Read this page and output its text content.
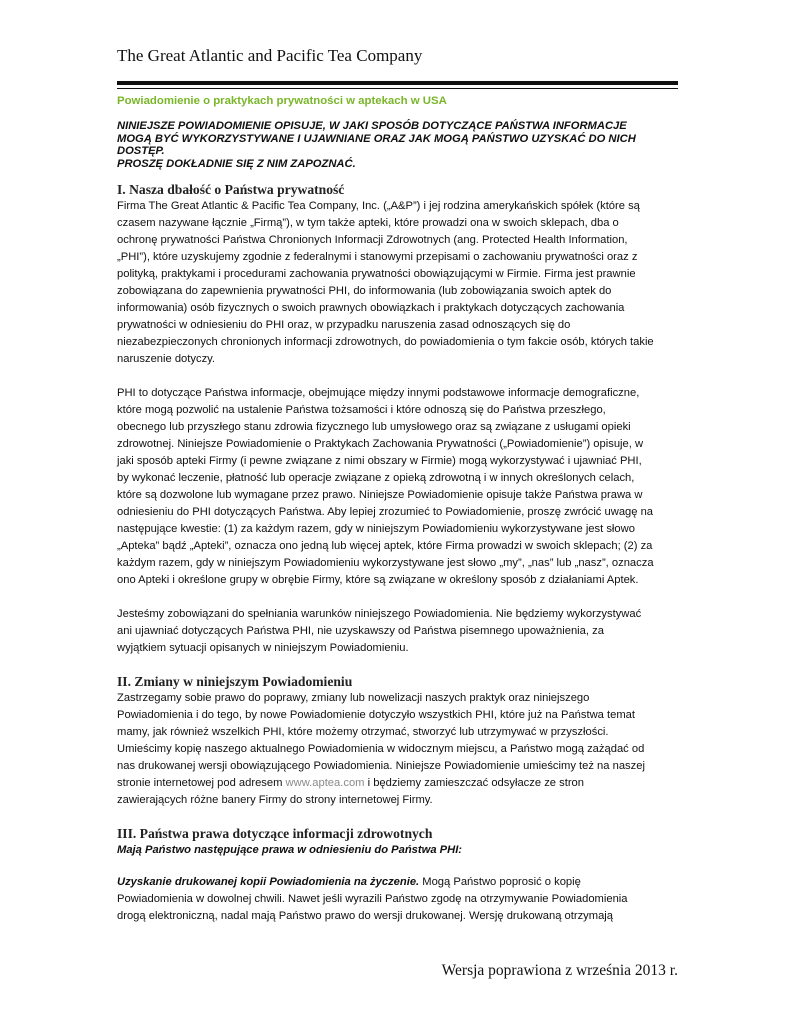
The Great Atlantic and Pacific Tea Company

Powiadomienie o praktykach prywatności w aptekach w USA

NINIEJSZE POWIADOMIENIE OPISUJE, W JAKI SPOSÓB DOTYCZĄCE PAŃSTWA INFORMACJE
MOGĄ BYĆ WYKORZYSTYWANE I UJAWNIANE ORAZ JAK MOGĄ PAŃSTWO UZYSKAĆ DO NICH
DOSTĘP.
PROSZĘ DOKŁADNIE SIĘ Z NIM ZAPOZNAĆ.

I. Nasza dbałość o Państwa prywatność

Firma The Great Atlantic & Pacific Tea Company, Inc. („A&P”) i jej rodzina amerykańskich spółek (które są
czasem nazywane łącznie „Firmą”), w tym także apteki, które prowadzi ona w swoich sklepach, dba o
ochronę prywatności Państwa Chronionych Informacji Zdrowotnych (ang. Protected Health Information,
„PHI”), które uzyskujemy zgodnie z federalnymi i stanowymi przepisami o zachowaniu prywatności oraz z
polityką, praktykami i procedurami zachowania prywatności obowiązującymi w Firmie. Firma jest prawnie
zobowiązana do zapewnienia prywatności PHI, do informowania (lub zobowiązania swoich aptek do
informowania) osób fizycznych o swoich prawnych obowiązkach i praktykach dotyczących zachowania
prywatności w odniesieniu do PHI oraz, w przypadku naruszenia zasad odnoszących się do
niezabezpieczonych chronionych informacji zdrowotnych, do powiadomienia o tym fakcie osób, których takie
naruszenie dotyczy.

PHI to dotyczące Państwa informacje, obejmujące między innymi podstawowe informacje demograficzne,
które mogą pozwolić na ustalenie Państwa tożsamości i które odnoszą się do Państwa przeszłego,
obecnego lub przyszłego stanu zdrowia fizycznego lub umysłowego oraz są związane z usługami opieki
zdrowotnej. Niniejsze Powiadomienie o Praktykach Zachowania Prywatności („Powiadomienie”) opisuje, w
jaki sposób apteki Firmy (i pewne związane z nimi obszary w Firmie) mogą wykorzystywać i ujawniać PHI,
by wykonać leczenie, płatność lub operacje związane z opieką zdrowotną i w innych określonych celach,
które są dozwolone lub wymagane przez prawo. Niniejsze Powiadomienie opisuje także Państwa prawa w
odniesieniu do PHI dotyczących Państwa. Aby lepiej zrozumieć to Powiadomienie, proszę zwrócić uwagę na
następujące kwestie: (1) za każdym razem, gdy w niniejszym Powiadomieniu wykorzystywane jest słowo
„Apteka” bądź „Apteki”, oznacza ono jedną lub więcej aptek, które Firma prowadzi w swoich sklepach; (2) za
każdym razem, gdy w niniejszym Powiadomieniu wykorzystywane jest słowo „my”, „nas” lub „nasz”, oznacza
ono Apteki i określone grupy w obrębie Firmy, które są związane w określony sposób z działaniami Aptek.

Jesteśmy zobowiązani do spełniania warunków niniejszego Powiadomienia. Nie będziemy wykorzystywać
ani ujawniać dotyczących Państwa PHI, nie uzyskawszy od Państwa pisemnego upoważnienia, za
wyjątkiem sytuacji opisanych w niniejszym Powiadomieniu.

II. Zmiany w niniejszym Powiadomieniu

Zastrzegamy sobie prawo do poprawy, zmiany lub nowelizacji naszych praktyk oraz niniejszego
Powiadomienia i do tego, by nowe Powiadomienie dotyczyło wszystkich PHI, które już na Państwa temat
mamy, jak również wszelkich PHI, które możemy otrzymać, stworzyć lub utrzymywać w przyszłości.
Umieścimy kopię naszego aktualnego Powiadomienia w widocznym miejscu, a Państwo mogą zażądać od
nas drukowanej wersji obowiązującego Powiadomienia. Niniejsze Powiadomienie umieścimy też na naszej
stronie internetowej pod adresem www.aptea.com i będziemy zamieszczać odsyłacze ze stron
zawierających różne banery Firmy do strony internetowej Firmy.

III. Państwa prawa dotyczące informacji zdrowotnych

Mają Państwo następujące prawa w odniesieniu do Państwa PHI:

Uzyskanie drukowanej kopii Powiadomienia na życzenie. Mogą Państwo poprosić o kopię
Powiadomienia w dowolnej chwili. Nawet jeśli wyrazili Państwo zgodę na otrzymywanie Powiadomienia
drogą elektroniczną, nadal mają Państwo prawo do wersji drukowanej. Wersję drukowaną otrzymają

Wersja poprawiona z września 2013 r.
